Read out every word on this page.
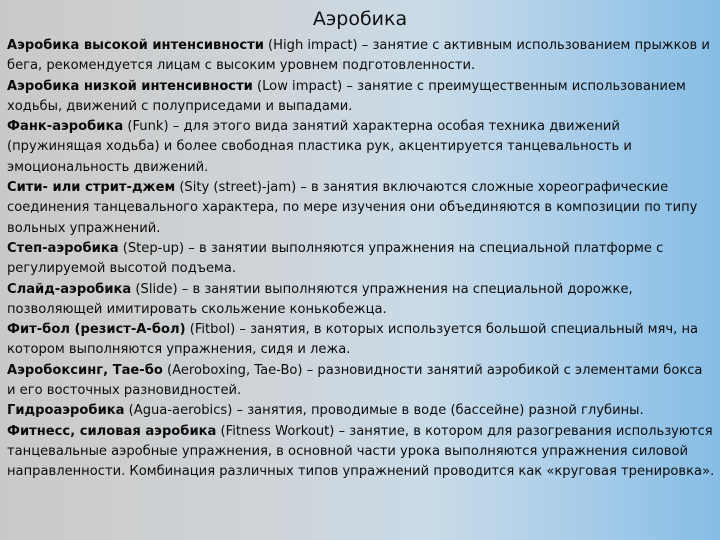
Аэробика

Аэробика высокой интенсивности (High impact) – занятие с активным использованием прыжков и бега, рекомендуется лицам с высоким уровнем подготовленности.

Аэробика низкой интенсивности (Low impact) – занятие с преимущественным использованием ходьбы, движений с полуприседами и выпадами.

Фанк-аэробика (Funk) – для этого вида занятий характерна особая техника движений (пружинящая ходьба) и более свободная пластика рук, акцентируется танцевальность и эмоциональность движений.

Сити- или стрит-джем (Sity (street)-jam) – в занятия включаются сложные хореографические соединения танцевального характера, по мере изучения они объединяются в композиции по типу вольных упражнений.

Степ-аэробика (Step-up) – в занятии выполняются упражнения на специальной платформе с регулируемой высотой подъема.

Слайд-аэробика (Slide) – в занятии выполняются упражнения на специальной дорожке, позволяющей имитировать скольжение конькобежца.

Фит-бол (резист-А-бол) (Fitbol) – занятия, в которых используется большой специальный мяч, на котором выполняются упражнения, сидя и лежа.

Аэробоксинг, Тае-бо (Aeroboxing, Tae-Bo) – разновидности занятий аэробикой с элементами бокса и его восточных разновидностей.

Гидроаэробика (Agua-aerobics) – занятия, проводимые в воде (бассейне) разной глубины.

Фитнесс, силовая аэробика (Fitness Workout) – занятие, в котором для разогревания используются танцевальные аэробные упражнения, в основной части урока выполняются упражнения силовой направленности. Комбинация различных типов упражнений проводится как «круговая тренировка».
